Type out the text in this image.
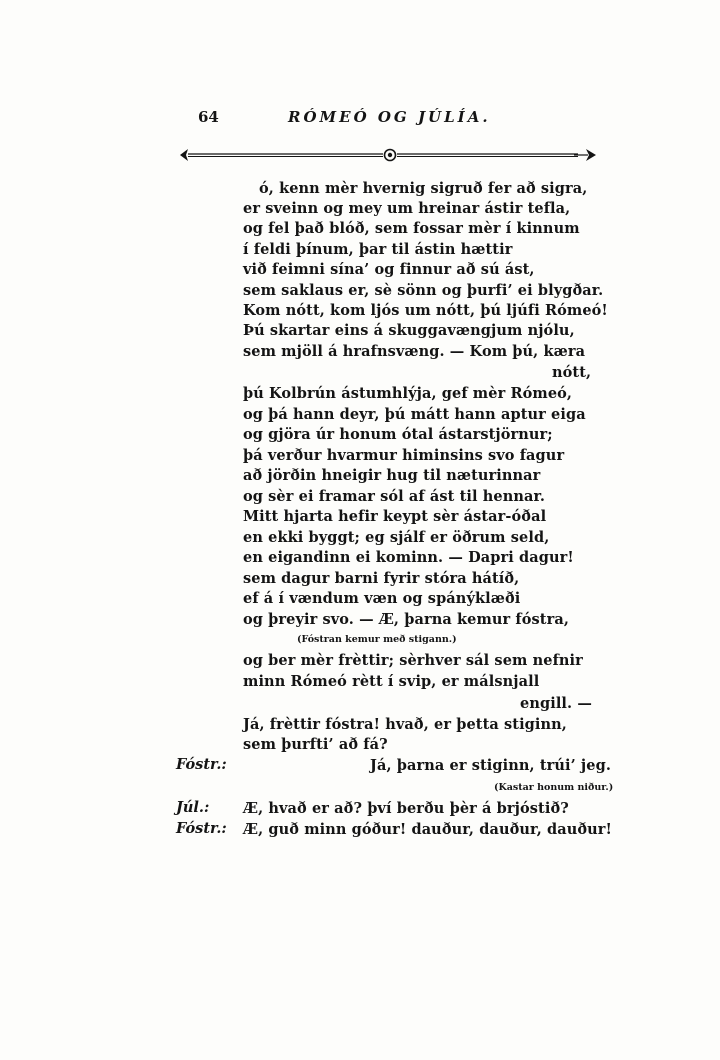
64	RÓMEÓ OG JÚLÍA.
ó, kenn mèr hvernig sigruð fer að sigra,
er sveinn og mey um hreinar ástir tefla,
og fel það blóð, sem fossar mèr í kinnum
í feldi þínum, þar til ástin hættir
við feimni sína’ og finnur að sú ást,
sem saklaus er, sè sönn og þurfi’ ei blygðar.
Kom nótt, kom ljós um nótt, þú ljúfi Rómeó!
Þú skartar eins á skuggavængjum njólu,
sem mjöll á hrafnsvæng. — Kom þú, kæra
nótt,
þú Kolbrún ástumhlýja, gef mèr Rómeó,
og þá hann deyr, þú mátt hann aptur eiga
og gjöra úr honum ótal ástarstjörnur;
þá verður hvarmur himinsins svo fagur
að jörðin hneigir hug til næturinnar
og sèr ei framar sól af ást til hennar.
Mitt hjarta hefir keypt sèr ástar-óðal
en ekki byggt; eg sjálf er öðrum seld,
en eigandinn ei kominn. — Dapri dagur!
sem dagur barni fyrir stóra hátíð,
ef á í vændum væn og spánýklæði
og þreyir svo. — Æ, þarna kemur fóstra,
(Fóstran kemur með stigann.)
og ber mèr frèttir; sèrhver sál sem nefnir
minn Rómeó rètt í svip, er málsnjall
engill. —
Já, frèttir fóstra! hvað, er þetta stiginn,
sem þurfti’ að fá?
Fóstr.:	Já, þarna er stiginn, trúi’ jeg.
(Kastar honum niður.)
Júl.: Æ, hvað er að? því berðu þèr á brjóstið?
Fóstr.: Æ, guð minn góður! dauður, dauður, dauður!
